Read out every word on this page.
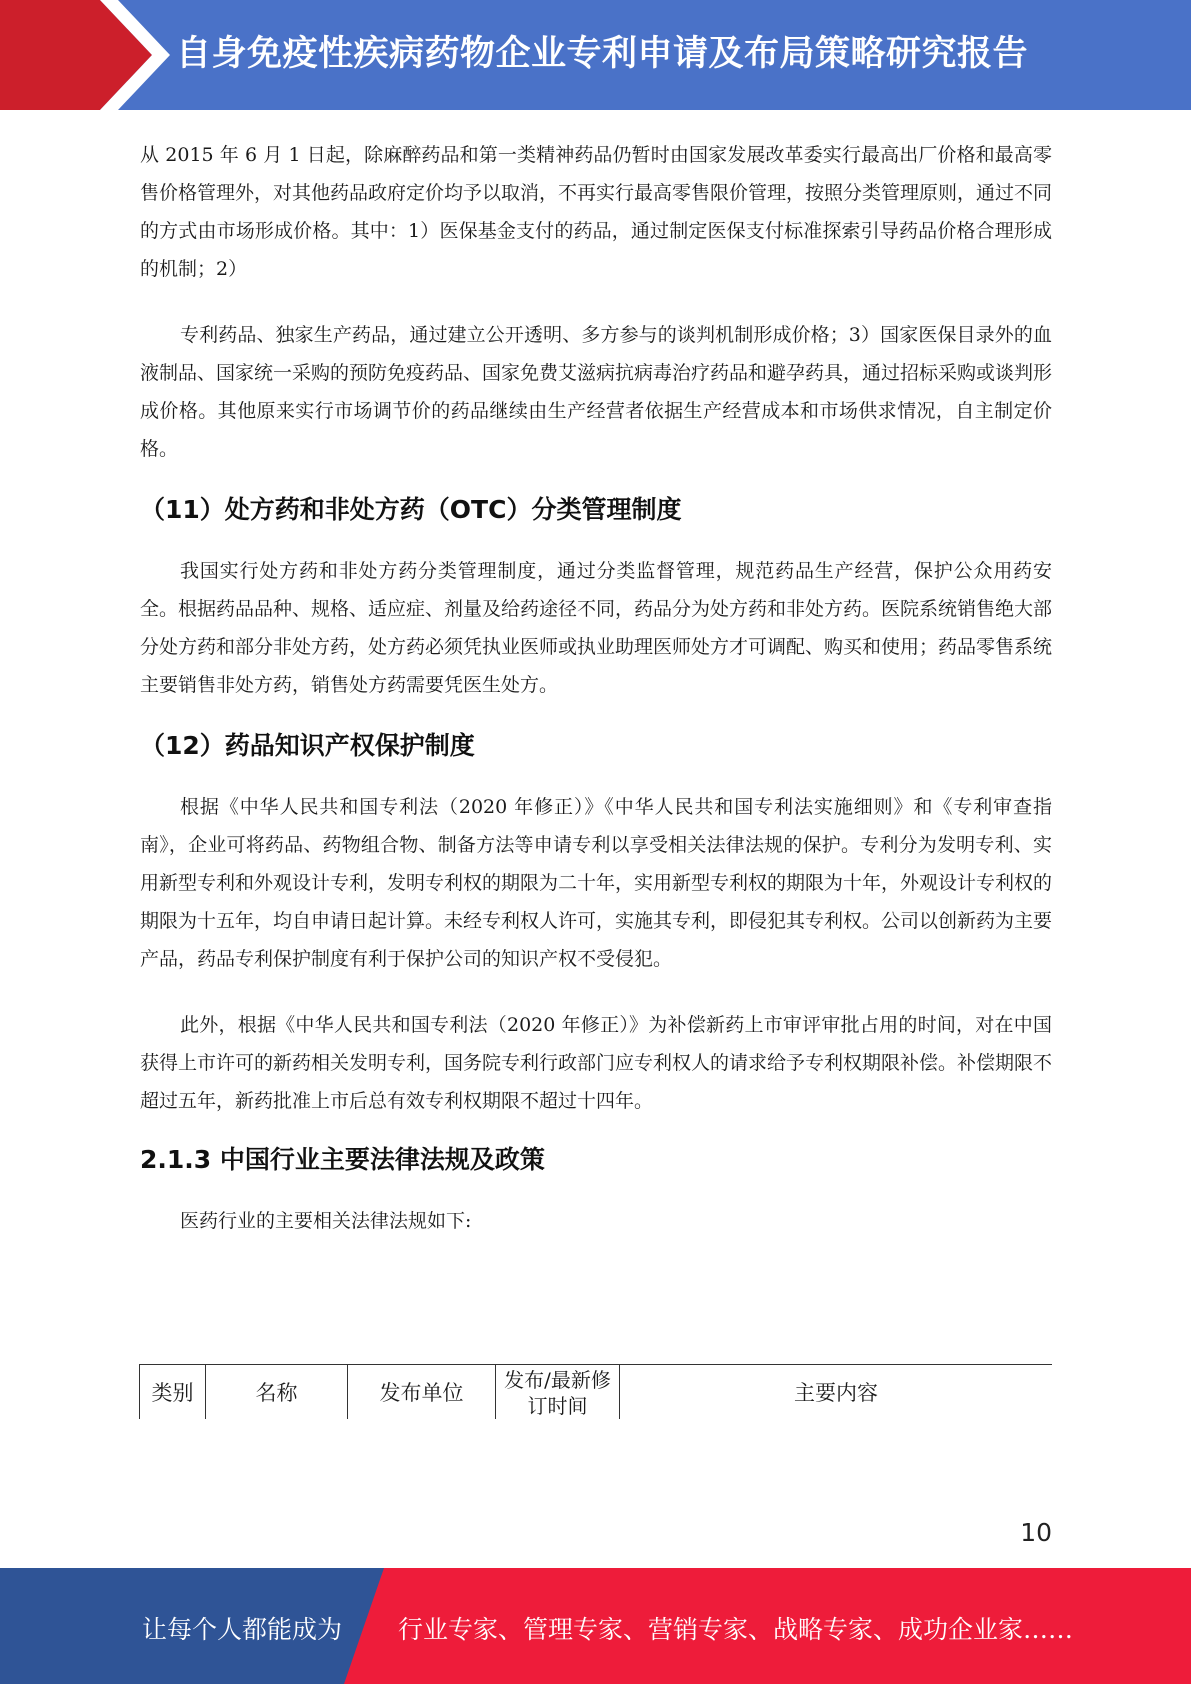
自身免疫性疾病药物企业专利申请及布局策略研究报告

从 2015 年 6 月 1 日起，除麻醉药品和第一类精神药品仍暂时由国家发展改革委实行最高出厂价格和最高零售价格管理外，对其他药品政府定价均予以取消，不再实行最高零售限价管理，按照分类管理原则，通过不同的方式由市场形成价格。其中：1）医保基金支付的药品，通过制定医保支付标准探索引导药品价格合理形成的机制；2）

专利药品、独家生产药品，通过建立公开透明、多方参与的谈判机制形成价格；3）国家医保目录外的血液制品、国家统一采购的预防免疫药品、国家免费艾滋病抗病毒治疗药品和避孕药具，通过招标采购或谈判形成价格。其他原来实行市场调节价的药品继续由生产经营者依据生产经营成本和市场供求情况，自主制定价格。

（11）处方药和非处方药（OTC）分类管理制度

我国实行处方药和非处方药分类管理制度，通过分类监督管理，规范药品生产经营，保护公众用药安全。根据药品品种、规格、适应症、剂量及给药途径不同，药品分为处方药和非处方药。医院系统销售绝大部分处方药和部分非处方药，处方药必须凭执业医师或执业助理医师处方才可调配、购买和使用；药品零售系统主要销售非处方药，销售处方药需要凭医生处方。

（12）药品知识产权保护制度

根据《中华人民共和国专利法（2020 年修正）》《中华人民共和国专利法实施细则》和《专利审查指南》，企业可将药品、药物组合物、制备方法等申请专利以享受相关法律法规的保护。专利分为发明专利、实用新型专利和外观设计专利，发明专利权的期限为二十年，实用新型专利权的期限为十年，外观设计专利权的期限为十五年，均自申请日起计算。未经专利权人许可，实施其专利，即侵犯其专利权。公司以创新药为主要产品，药品专利保护制度有利于保护公司的知识产权不受侵犯。

此外，根据《中华人民共和国专利法（2020 年修正）》为补偿新药上市审评审批占用的时间，对在中国获得上市许可的新药相关发明专利，国务院专利行政部门应专利权人的请求给予专利权期限补偿。补偿期限不超过五年，新药批准上市后总有效专利权期限不超过十四年。

2.1.3 中国行业主要法律法规及政策

医药行业的主要相关法律法规如下:

类别	名称	发布单位	发布/最新修订时间	主要内容
10
让每个人都能成为 行业专家、管理专家、营销专家、战略专家、成功企业家……
